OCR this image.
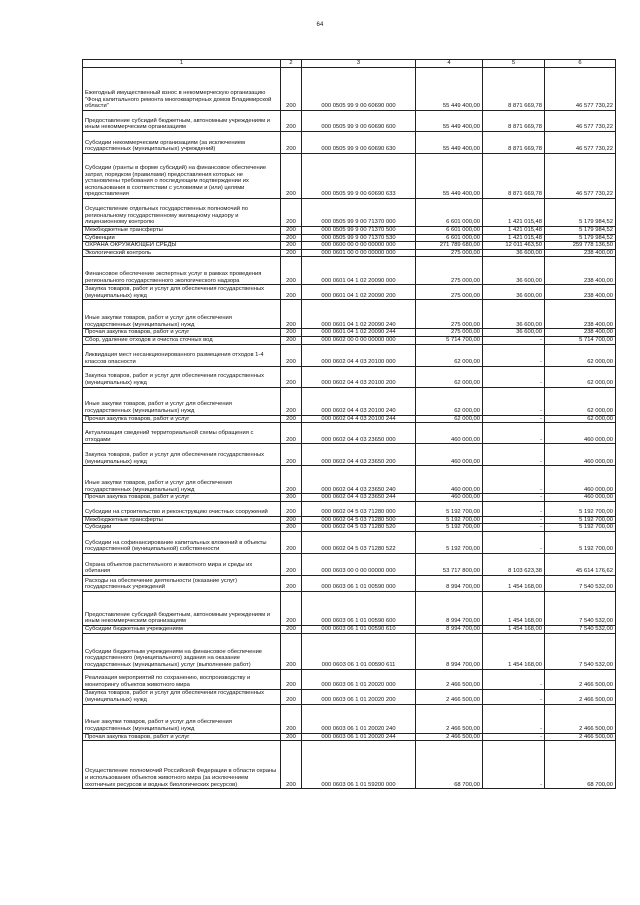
64
1	2	3	4	5	6
Ежегодный имущественный взнос в некоммерческую организацию "Фонд капитального ремонта многоквартирных домов Владимирской области"	200	000 0505 99 9 00 60690 000	55 449 400,00	8 871 669,78	46 577 730,22
Предоставление субсидий бюджетным, автономным учреждениям и иным некоммерческим организациям	200	000 0505 99 9 00 60690 600	55 449 400,00	8 871 669,78	46 577 730,22
Субсидии некоммерческим организациям (за исключением государственных (муниципальных) учреждений)	200	000 0505 99 9 00 60690 630	55 449 400,00	8 871 669,78	46 577 730,22
Субсидии (гранты в форме субсидий) на финансовое обеспечение затрат, порядком (правилами) предоставления которых не установлены требования о последующем подтверждении их использования в соответствии с условиями и (или) целями предоставления	200	000 0505 99 9 00 60690 633	55 449 400,00	8 871 669,78	46 577 730,22
Осуществление отдельных государственных полномочий по региональному государственному жилищному надзору и лицензионному контролю	200	000 0505 99 9 00 71370 000	6 601 000,00	1 421 015,48	5 179 984,52
Межбюджетные трансферты	200	000 0505 99 9 00 71370 500	6 601 000,00	1 421 015,48	5 179 984,52
Субвенции	200	000 0505 99 9 00 71370 530	6 601 000,00	1 421 015,48	5 179 984,52
ОХРАНА ОКРУЖАЮЩЕЙ СРЕДЫ	200	000 0600 00 0 00 00000 000	271 789 680,00	12 011 463,50	259 778 136,50
Экологический контроль	200	000 0601 00 0 00 00000 000	275 000,00	36 600,00	238 400,00
Финансовое обеспечение экспертных услуг в рамках проведения регионального государственного экологического надзора	200	000 0601 04 1 02 20090 000	275 000,00	36 600,00	238 400,00
Закупка товаров, работ и услуг для обеспечения государственных (муниципальных) нужд	200	000 0601 04 1 02 20090 200	275 000,00	36 600,00	238 400,00
Иные закупки товаров, работ и услуг для обеспечения государственных (муниципальных) нужд	200	000 0601 04 1 02 20090 240	275 000,00	36 600,00	238 400,00
Прочая закупка товаров, работ и услуг	200	000 0601 04 1 02 20090 244	275 000,00	36 600,00	238 400,00
Сбор, удаление отходов и очистка сточных вод	200	000 0602 00 0 00 00000 000	5 714 700,00	-	5 714 700,00
Ликвидация мест несанкционированного размещения отходов 1-4 классов опасности	200	000 0602 04 4 03 20100 000	62 000,00	-	62 000,00
Закупка товаров, работ и услуг для обеспечения государственных (муниципальных) нужд	200	000 0602 04 4 03 20100 200	62 000,00	-	62 000,00
Иные закупки товаров, работ и услуг для обеспечения государственных (муниципальных) нужд	200	000 0602 04 4 03 20100 240	62 000,00	-	62 000,00
Прочая закупка товаров, работ и услуг	200	000 0602 04 4 03 20100 244	62 000,00	-	62 000,00
Актуализация сведений территориальной схемы обращения с отходами	200	000 0602 04 4 03 23650 000	460 000,00	-	460 000,00
Закупка товаров, работ и услуг для обеспечения государственных (муниципальных) нужд	200	000 0602 04 4 03 23650 200	460 000,00	-	460 000,00
Иные закупки товаров, работ и услуг для обеспечения государственных (муниципальных) нужд	200	000 0602 04 4 03 23650 240	460 000,00	-	460 000,00
Прочая закупка товаров, работ и услуг	200	000 0602 04 4 03 23650 244	460 000,00	-	460 000,00
Субсидии на строительство и реконструкцию очистных сооружений	200	000 0602 04 5 03 71280 000	5 192 700,00	-	5 192 700,00
Межбюджетные трансферты	200	000 0602 04 5 03 71280 500	5 192 700,00	-	5 192 700,00
Субсидии	200	000 0602 04 5 03 71280 520	5 192 700,00	-	5 192 700,00
Субсидии на софинансирование капитальных вложений в объекты государственной (муниципальной) собственности	200	000 0602 04 5 03 71280 522	5 192 700,00	-	5 192 700,00
Охрана объектов растительного и животного мира и среды их обитания	200	000 0603 00 0 00 00000 000	53 717 800,00	8 103 623,38	45 614 176,62
Расходы на обеспечение деятельности (оказание услуг) государственных учреждений	200	000 0603 06 1 01 00590 000	8 994 700,00	1 454 168,00	7 540 532,00
Предоставление субсидий бюджетным, автономным учреждениям и иным некоммерческим организациям	200	000 0603 06 1 01 00590 600	8 994 700,00	1 454 168,00	7 540 532,00
Субсидии бюджетным учреждениям	200	000 0603 06 1 01 00590 610	8 994 700,00	1 454 168,00	7 540 532,00
Субсидии бюджетным учреждениям на финансовое обеспечение государственного (муниципального) задания на оказание государственных (муниципальных) услуг (выполнение работ)	200	000 0603 06 1 01 00590 611	8 994 700,00	1 454 168,00	7 540 532,00
Реализация мероприятий по сохранению, воспроизводству и мониторингу объектов животного мира	200	000 0603 06 1 01 20020 000	2 466 500,00	-	2 466 500,00
Закупка товаров, работ и услуг для обеспечения государственных (муниципальных) нужд	200	000 0603 06 1 01 20020 200	2 466 500,00	-	2 466 500,00
Иные закупки товаров, работ и услуг для обеспечения государственных (муниципальных) нужд	200	000 0603 06 1 01 20020 240	2 466 500,00	-	2 466 500,00
Прочая закупка товаров, работ и услуг	200	000 0603 06 1 01 20020 244	2 466 500,00	-	2 466 500,00
Осуществление полномочий Российской Федерации в области охраны и использования объектов животного мира (за исключением охотничьих ресурсов и водных биологических ресурсов)	200	000 0603 06 1 01 59200 000	68 700,00	-	68 700,00
